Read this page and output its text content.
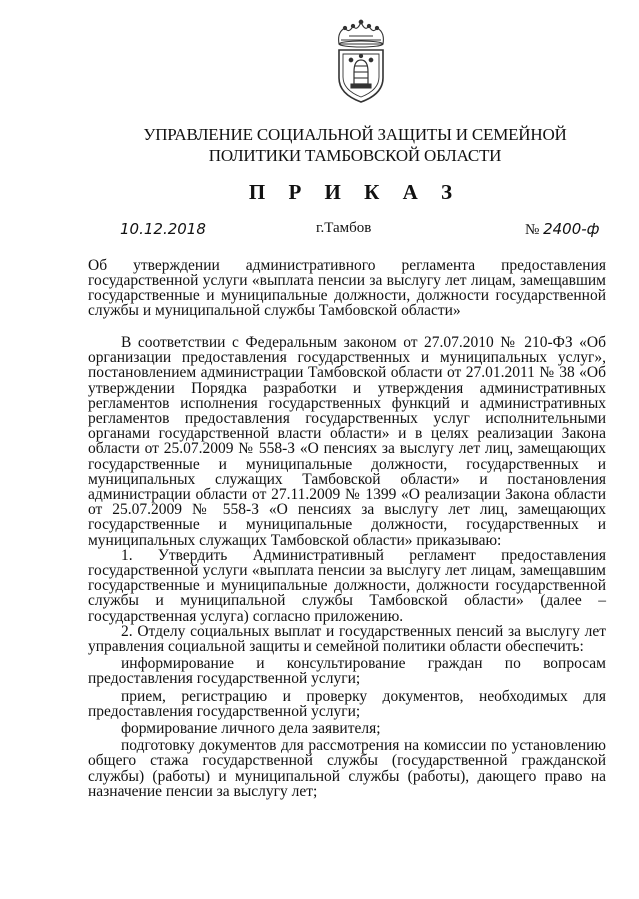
УПРАВЛЕНИЕ СОЦИАЛЬНОЙ ЗАЩИТЫ И СЕМЕЙНОЙ
ПОЛИТИКИ ТАМБОВСКОЙ ОБЛАСТИ
П Р И К А З
10.12.2018	г.Тамбов	№ 2400-ф
Об утверждении административного регламента предоставления государственной услуги «выплата пенсии за выслугу лет лицам, замещавшим государственные и муниципальные должности, должности государственной службы и муниципальной службы Тамбовской области»

В соответствии с Федеральным законом от 27.07.2010 № 210-ФЗ «Об организации предоставления государственных и муниципальных услуг», постановлением администрации Тамбовской области от 27.01.2011 № 38 «Об утверждении Порядка разработки и утверждения административных регламентов исполнения государственных функций и административных регламентов предоставления государственных услуг исполнительными органами государственной власти области» и в целях реализации Закона области от 25.07.2009 № 558-З «О пенсиях за выслугу лет лиц, замещающих государственные и муниципальные должности, государственных и муниципальных служащих Тамбовской области» и постановления администрации области от 27.11.2009 № 1399 «О реализации Закона области от 25.07.2009 № 558-З «О пенсиях за выслугу лет лиц, замещающих государственные и муниципальные должности, государственных и муниципальных служащих Тамбовской области» приказываю:

1. Утвердить Административный регламент предоставления государственной услуги «выплата пенсии за выслугу лет лицам, замещавшим государственные и муниципальные должности, должности государственной службы и муниципальной службы Тамбовской области» (далее – государственная услуга) согласно приложению.

2. Отделу социальных выплат и государственных пенсий за выслугу лет управления социальной защиты и семейной политики области обеспечить:

информирование и консультирование граждан по вопросам предоставления государственной услуги;

прием, регистрацию и проверку документов, необходимых для предоставления государственной услуги;

формирование личного дела заявителя;

подготовку документов для рассмотрения на комиссии по установлению общего стажа государственной службы (государственной гражданской службы) (работы) и муниципальной службы (работы), дающего право на назначение пенсии за выслугу лет;
